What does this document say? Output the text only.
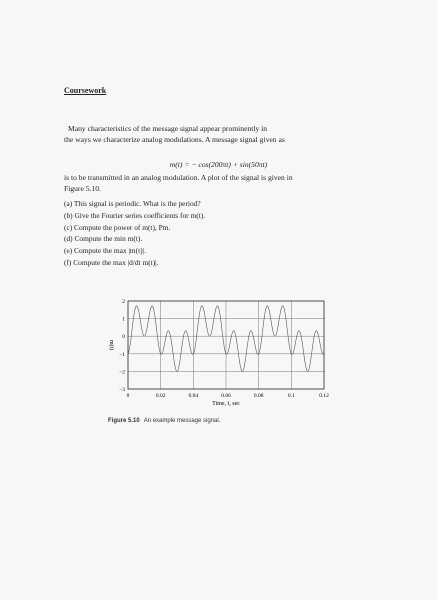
Coursework
Many characteristics of the message signal appear prominently in
the ways we characterize analog modulations. A message signal given as
m(t) = − cos(200πt) + sin(50πt)
is to be transmitted in an analog modulation. A plot of the signal is given in
Figure 5.10.
(a) This signal is periodic. What is the period?
(b) Give the Fourier series coefficients for m(t).
(c) Compute the power of m(t), Pm.
(d) Compute the min m(t).
(e) Compute the max |m(t)|.
(f) Compute the max |d/dt m(t)|.
0	0.02	0.04	0.06	0.08	0.1	0.12
2
1
0
−1
−2
−3
Time, t, sec
m(t)
Figure 5.10 An example message signal.
